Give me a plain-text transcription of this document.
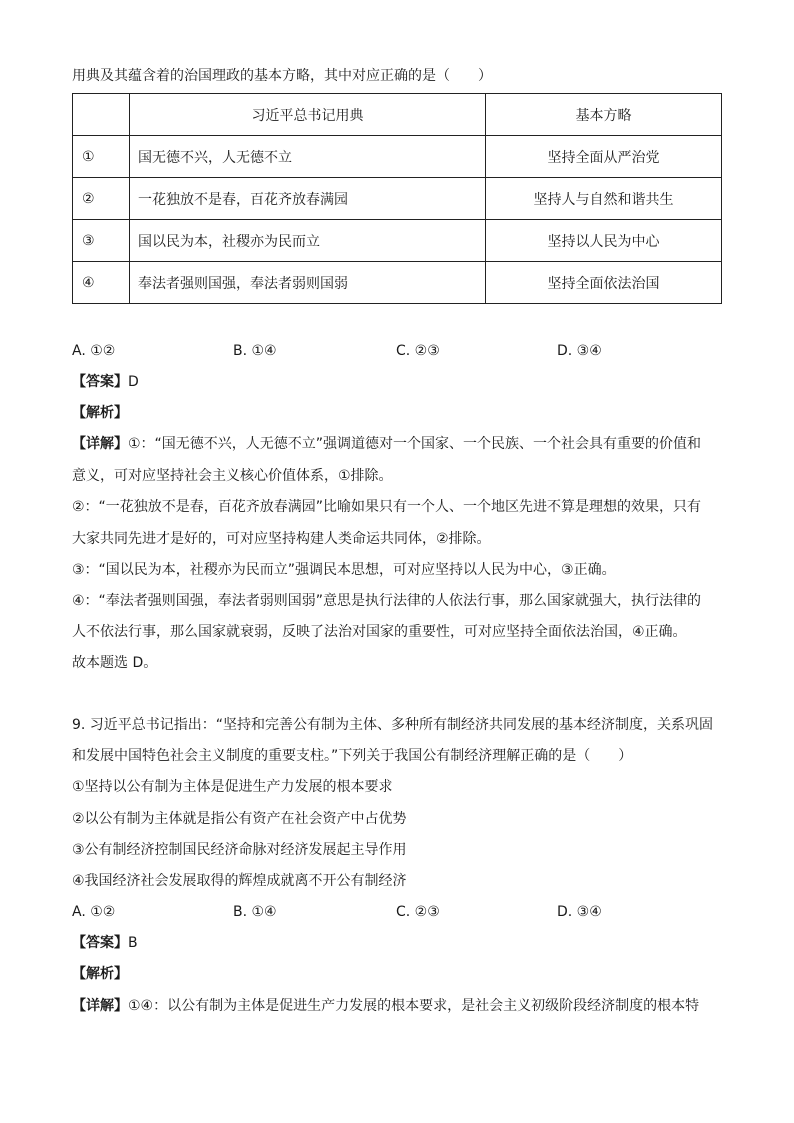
用典及其蕴含着的治国理政的基本方略，其中对应正确的是（　　）
	习近平总书记用典	基本方略
①	国无德不兴，人无德不立	坚持全面从严治党
②	一花独放不是春，百花齐放春满园	坚持人与自然和谐共生
③	国以民为本，社稷亦为民而立	坚持以人民为中心
④	奉法者强则国强，奉法者弱则国弱	坚持全面依法治国
A. ①②	B. ①④	C. ②③	D. ③④
【答案】D
【解析】
【详解】①：“国无德不兴，人无德不立”强调道德对一个国家、一个民族、一个社会具有重要的价值和
意义，可对应坚持社会主义核心价值体系，①排除。
②：“一花独放不是春，百花齐放春满园”比喻如果只有一个人、一个地区先进不算是理想的效果，只有
大家共同先进才是好的，可对应坚持构建人类命运共同体，②排除。
③：“国以民为本，社稷亦为民而立”强调民本思想，可对应坚持以人民为中心，③正确。
④：“奉法者强则国强，奉法者弱则国弱”意思是执行法律的人依法行事，那么国家就强大，执行法律的
人不依法行事，那么国家就衰弱，反映了法治对国家的重要性，可对应坚持全面依法治国，④正确。
故本题选 D。
9. 习近平总书记指出：“坚持和完善公有制为主体、多种所有制经济共同发展的基本经济制度，关系巩固
和发展中国特色社会主义制度的重要支柱。”下列关于我国公有制经济理解正确的是（　　）
①坚持以公有制为主体是促进生产力发展的根本要求
②以公有制为主体就是指公有资产在社会资产中占优势
③公有制经济控制国民经济命脉对经济发展起主导作用
④我国经济社会发展取得的辉煌成就离不开公有制经济
A. ①②	B. ①④	C. ②③	D. ③④
【答案】B
【解析】
【详解】①④：以公有制为主体是促进生产力发展的根本要求，是社会主义初级阶段经济制度的根本特
